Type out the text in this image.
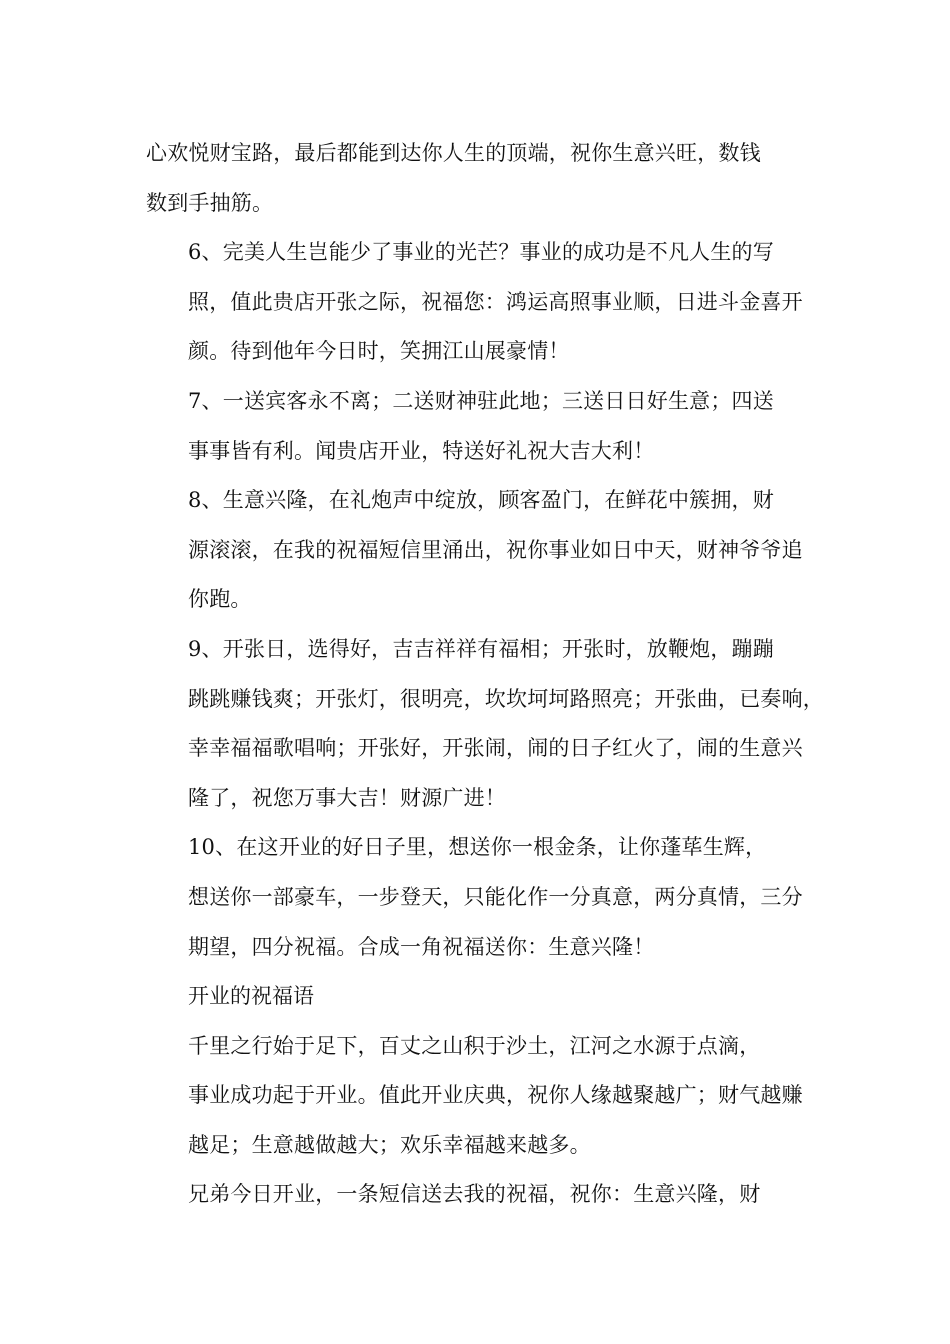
心欢悦财宝路，最后都能到达你人生的顶端，祝你生意兴旺，数钱
数到手抽筋。

6、完美人生岂能少了事业的光芒？事业的成功是不凡人生的写
照，值此贵店开张之际，祝福您：鸿运高照事业顺，日进斗金喜开
颜。待到他年今日时，笑拥江山展豪情！

7、一送宾客永不离；二送财神驻此地；三送日日好生意；四送
事事皆有利。闻贵店开业，特送好礼祝大吉大利！

8、生意兴隆，在礼炮声中绽放，顾客盈门，在鲜花中簇拥，财
源滚滚，在我的祝福短信里涌出，祝你事业如日中天，财神爷爷追
你跑。

9、开张日，选得好，吉吉祥祥有福相；开张时，放鞭炮，蹦蹦
跳跳赚钱爽；开张灯，很明亮，坎坎坷坷路照亮；开张曲，已奏响，
幸幸福福歌唱响；开张好，开张闹，闹的日子红火了，闹的生意兴
隆了，祝您万事大吉！财源广进！

10、在这开业的好日子里，想送你一根金条，让你蓬荜生辉，
想送你一部豪车，一步登天，只能化作一分真意，两分真情，三分
期望，四分祝福。合成一角祝福送你：生意兴隆！

开业的祝福语

千里之行始于足下，百丈之山积于沙土，江河之水源于点滴，
事业成功起于开业。值此开业庆典，祝你人缘越聚越广；财气越赚
越足；生意越做越大；欢乐幸福越来越多。

兄弟今日开业，一条短信送去我的祝福，祝你：生意兴隆，财
